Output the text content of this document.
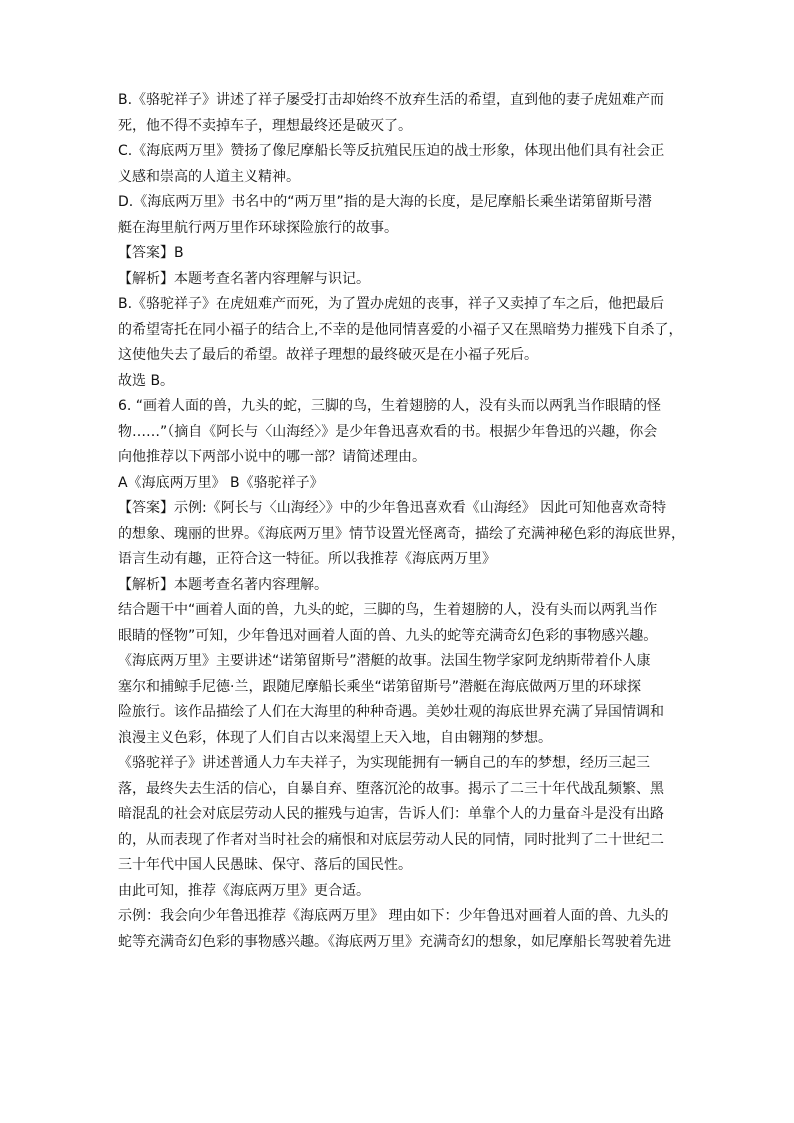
B.《骆驼祥子》讲述了祥子屡受打击却始终不放弃生活的希望，直到他的妻子虎妞难产而
死，他不得不卖掉车子，理想最终还是破灭了。
C.《海底两万里》赞扬了像尼摩船长等反抗殖民压迫的战士形象，体现出他们具有社会正
义感和崇高的人道主义精神。
D.《海底两万里》书名中的“两万里”指的是大海的长度，是尼摩船长乘坐诺第留斯号潜
艇在海里航行两万里作环球探险旅行的故事。
【答案】B
【解析】本题考查名著内容理解与识记。
B.《骆驼祥子》在虎妞难产而死，为了置办虎妞的丧事，祥子又卖掉了车之后，他把最后
的希望寄托在同小福子的结合上,不幸的是他同情喜爱的小福子又在黑暗势力摧残下自杀了，
这使他失去了最后的希望。故祥子理想的最终破灭是在小福子死后。
故选 B。
6. “画着人面的兽，九头的蛇，三脚的鸟，生着翅膀的人，没有头而以两乳当作眼睛的怪
物……”（摘自《阿长与〈山海经〉》是少年鲁迅喜欢看的书。根据少年鲁迅的兴趣，你会
向他推荐以下两部小说中的哪一部？请简述理由。
A《海底两万里》 B《骆驼祥子》
【答案】示例:《阿长与〈山海经〉》中的少年鲁迅喜欢看《山海经》 因此可知他喜欢奇特
的想象、瑰丽的世界。《海底两万里》情节设置光怪离奇，描绘了充满神秘色彩的海底世界，
语言生动有趣，正符合这一特征。所以我推荐《海底两万里》
【解析】本题考查名著内容理解。
结合题干中“画着人面的兽，九头的蛇，三脚的鸟，生着翅膀的人，没有头而以两乳当作
眼睛的怪物”可知，少年鲁迅对画着人面的兽、九头的蛇等充满奇幻色彩的事物感兴趣。
《海底两万里》主要讲述“诺第留斯号”潜艇的故事。法国生物学家阿龙纳斯带着仆人康
塞尔和捕鲸手尼德·兰，跟随尼摩船长乘坐“诺第留斯号”潜艇在海底做两万里的环球探
险旅行。该作品描绘了人们在大海里的种种奇遇。美妙壮观的海底世界充满了异国情调和
浪漫主义色彩，体现了人们自古以来渴望上天入地，自由翱翔的梦想。
《骆驼祥子》讲述普通人力车夫祥子，为实现能拥有一辆自己的车的梦想，经历三起三
落，最终失去生活的信心，自暴自弃、堕落沉沦的故事。揭示了二三十年代战乱频繁、黑
暗混乱的社会对底层劳动人民的摧残与迫害，告诉人们：单靠个人的力量奋斗是没有出路
的，从而表现了作者对当时社会的痛恨和对底层劳动人民的同情，同时批判了二十世纪二
三十年代中国人民愚昧、保守、落后的国民性。
由此可知，推荐《海底两万里》更合适。
示例：我会向少年鲁迅推荐《海底两万里》 理由如下：少年鲁迅对画着人面的兽、九头的
蛇等充满奇幻色彩的事物感兴趣。《海底两万里》充满奇幻的想象，如尼摩船长驾驶着先进
